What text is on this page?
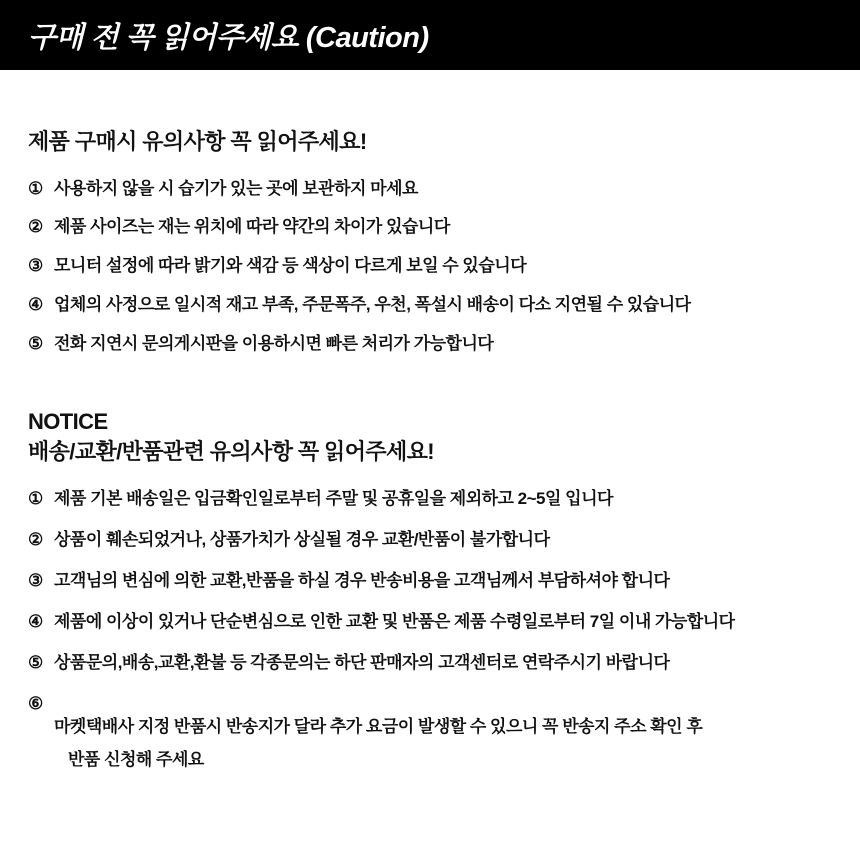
구매 전 꼭 읽어주세요 (Caution)
제품 구매시 유의사항 꼭 읽어주세요!
① 사용하지 않을 시 습기가 있는 곳에 보관하지 마세요
② 제품 사이즈는 재는 위치에 따라 약간의 차이가 있습니다
③ 모니터 설정에 따라 밝기와 색감 등 색상이 다르게 보일 수 있습니다
④ 업체의 사정으로 일시적 재고 부족, 주문폭주, 우천, 폭설시 배송이 다소 지연될 수 있습니다
⑤ 전화 지연시 문의게시판을 이용하시면 빠른 처리가 가능합니다
NOTICE
배송/교환/반품관련 유의사항 꼭 읽어주세요!
① 제품 기본 배송일은 입금확인일로부터 주말 및 공휴일을 제외하고 2~5일 입니다
② 상품이 훼손되었거나, 상품가치가 상실될 경우 교환/반품이 불가합니다
③ 고객님의 변심에 의한 교환,반품을 하실 경우 반송비용을 고객님께서 부담하셔야 합니다
④ 제품에 이상이 있거나 단순변심으로 인한 교환 및 반품은 제품 수령일로부터 7일 이내 가능합니다
⑤ 상품문의,배송,교환,환불 등 각종문의는 하단 판매자의 고객센터로 연락주시기 바랍니다
⑥

마켓택배사 지정 반품시 반송지가 달라 추가 요금이 발생할 수 있으니 꼭 반송지 주소 확인 후

반품 신청해 주세요
